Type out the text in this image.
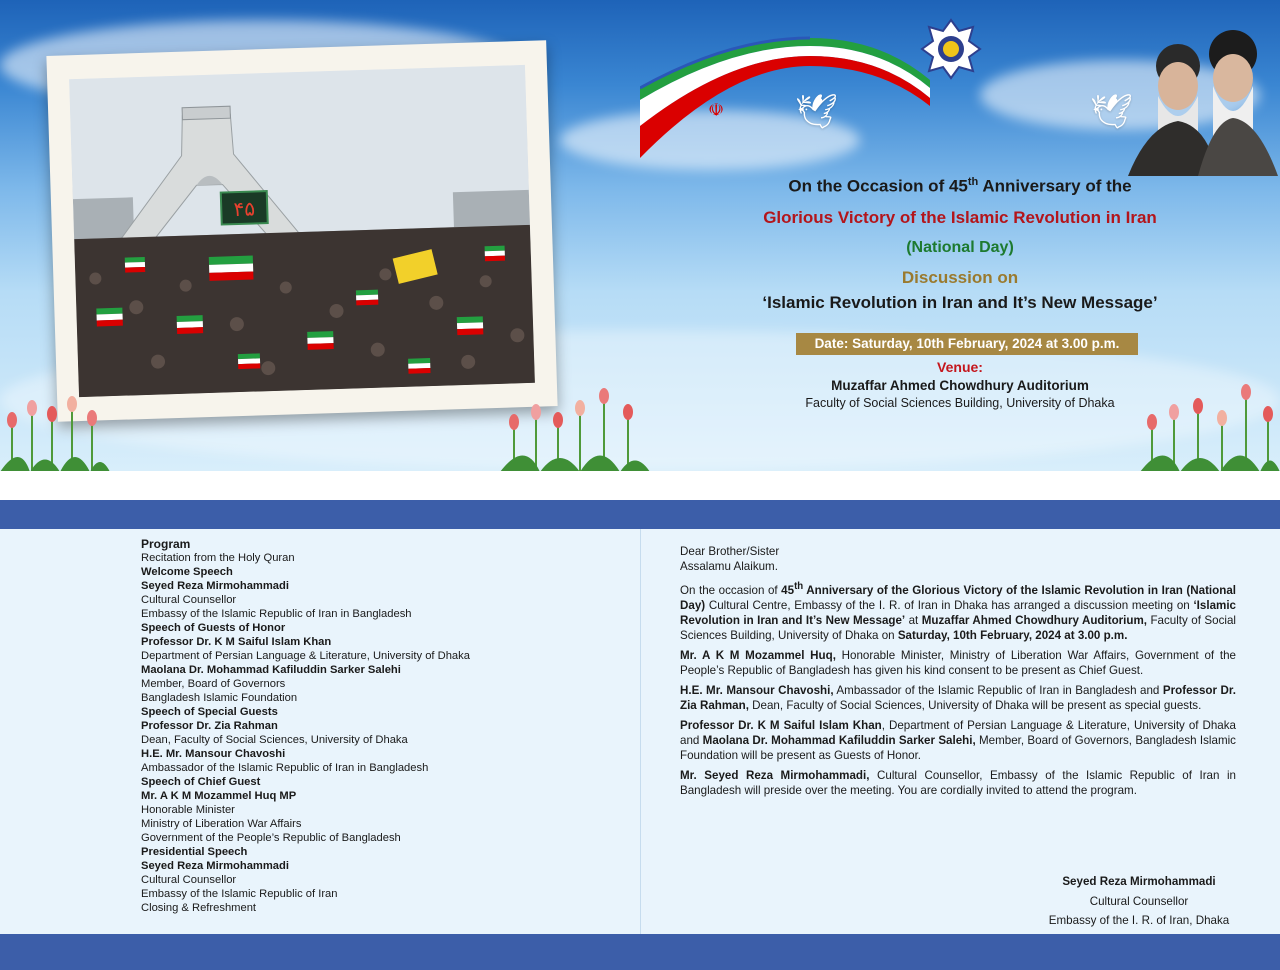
۴۵
☫ 🕊	🕊
On the Occasion of 45th Anniversary of the
Glorious Victory of the Islamic Revolution in Iran
(National Day)
Discussion on
‘Islamic Revolution in Iran and It’s New Message’
Date: Saturday, 10th February, 2024 at 3.00 p.m.
Venue:
Muzaffar Ahmed Chowdhury Auditorium
Faculty of Social Sciences Building, University of Dhaka
Program
Recitation from the Holy Quran
Welcome Speech
Seyed Reza Mirmohammadi
Cultural Counsellor
Embassy of the Islamic Republic of Iran in Bangladesh
Speech of Guests of Honor
Professor Dr. K M Saiful Islam Khan
Department of Persian Language & Literature, University of Dhaka
Maolana Dr. Mohammad Kafiluddin Sarker Salehi
Member, Board of Governors
Bangladesh Islamic Foundation
Speech of Special Guests
Professor Dr. Zia Rahman
Dean, Faculty of Social Sciences, University of Dhaka
H.E. Mr. Mansour Chavoshi
Ambassador of the Islamic Republic of Iran in Bangladesh
Speech of Chief Guest
Mr. A K M Mozammel Huq MP
Honorable Minister
Ministry of Liberation War Affairs
Government of the People’s Republic of Bangladesh
Presidential Speech
Seyed Reza Mirmohammadi
Cultural Counsellor
Embassy of the Islamic Republic of Iran
Closing & Refreshment

Dear Brother/Sister

Assalamu Alaikum.

On the occasion of 45th Anniversary of the Glorious Victory of the Islamic Revolution in Iran (National Day) Cultural Centre, Embassy of the I. R. of Iran in Dhaka has arranged a discussion meeting on ‘Islamic Revolution in Iran and It’s New Message’ at Muzaffar Ahmed Chowdhury Auditorium, Faculty of Social Sciences Building, University of Dhaka on Saturday, 10th February, 2024 at 3.00 p.m.

Mr. A K M Mozammel Huq, Honorable Minister, Ministry of Liberation War Affairs, Government of the People’s Republic of Bangladesh has given his kind consent to be present as Chief Guest.

H.E. Mr. Mansour Chavoshi, Ambassador of the Islamic Republic of Iran in Bangladesh and Professor Dr. Zia Rahman, Dean, Faculty of Social Sciences, University of Dhaka will be present as special guests.

Professor Dr. K M Saiful Islam Khan, Department of Persian Language & Literature, University of Dhaka and Maolana Dr. Mohammad Kafiluddin Sarker Salehi, Member, Board of Governors, Bangladesh Islamic Foundation will be present as Guests of Honor.

Mr. Seyed Reza Mirmohammadi, Cultural Counsellor, Embassy of the Islamic Republic of Iran in Bangladesh will preside over the meeting. You are cordially invited to attend the program.

Seyed Reza Mirmohammadi
Cultural Counsellor
Embassy of the I. R. of Iran, Dhaka
